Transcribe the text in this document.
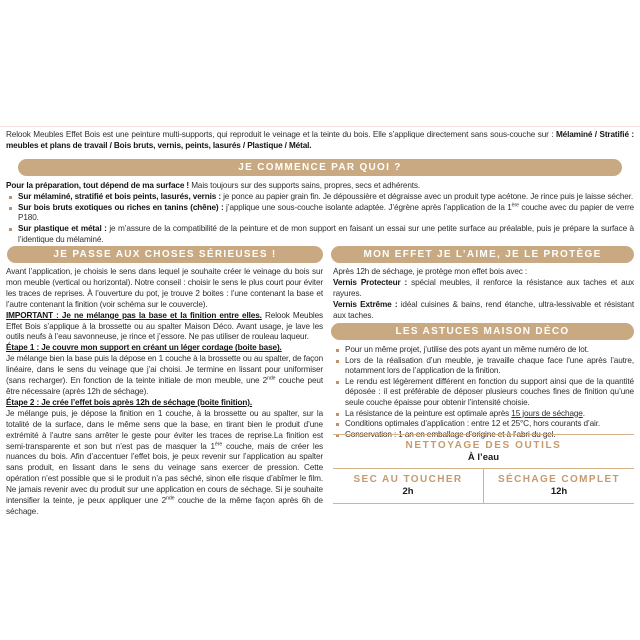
Relook Meubles Effet Bois est une peinture multi-supports, qui reproduit le veinage et la teinte du bois. Elle s’applique directement sans sous-couche sur : Mélaminé / Stratifié : meubles et plans de travail / Bois bruts, vernis, peints, lasurés / Plastique / Métal.

JE COMMENCE PAR QUOI ?

Pour la préparation, tout dépend de ma surface ! Mais toujours sur des supports sains, propres, secs et adhérents.

Sur mélaminé, stratifié et bois peints, lasurés, vernis : je ponce au papier grain fin. Je dépoussière et dégraisse avec un produit type acétone. Je rince puis je laisse sécher.
Sur bois bruts exotiques ou riches en tanins (chêne) : j’applique une sous-couche isolante adaptée. J’égrène après l’application de la 1ère couche avec du papier de verre P180.
Sur plastique et métal : je m’assure de la compatibilité de la peinture et de mon support en faisant un essai sur une petite surface au préalable, puis je prépare la surface à l’identique du mélaminé.
JE PASSE AUX CHOSES SÉRIEUSES !

Avant l’application, je choisis le sens dans lequel je souhaite créer le veinage du bois sur mon meuble (vertical ou horizontal). Notre conseil : choisir le sens le plus court pour éviter les traces de reprises. À l’ouverture du pot, je trouve 2 boites : l’une contenant la base et l’autre contenant la finition (voir schéma sur le couvercle).

IMPORTANT : Je ne mélange pas la base et la finition entre elles. Relook Meubles Effet Bois s’applique à la brossette ou au spalter Maison Déco. Avant usage, je lave les outils neufs à l’eau savonneuse, je rince et j’essore. Ne pas utiliser de rouleau laqueur.

Étape 1 : Je couvre mon support en créant un léger cordage (boite base).

Je mélange bien la base puis la dépose en 1 couche à la brossette ou au spalter, de façon linéaire, dans le sens du veinage que j’ai choisi. Je termine en lissant pour uniformiser (sans recharger). En fonction de la teinte initiale de mon meuble, une 2nde couche peut être nécessaire (après 12h de séchage).

Étape 2 : Je crée l’effet bois après 12h de séchage (boite finition).

Je mélange puis, je dépose la finition en 1 couche, à la brossette ou au spalter, sur la totalité de la surface, dans le même sens que la base, en tirant bien le produit d’une extrémité à l’autre sans arrêter le geste pour éviter les traces de reprise.La finition est semi-transparente et son but n’est pas de masquer la 1ère couche, mais de créer les nuances du bois. Afin d’accentuer l’effet bois, je peux revenir sur l’application au spalter sans produit, en lissant dans le sens du veinage sans exercer de pression. Cette opération n’est possible que si le produit n’a pas séché, sinon elle risque d’abîmer le film. Ne jamais revenir avec du produit sur une application en cours de séchage. Si je souhaite intensifier la teinte, je peux appliquer une 2nde couche de la même façon après 6h de séchage.

MON EFFET JE L’AIME, JE LE PROTÈGE

Après 12h de séchage, je protège mon effet bois avec :

Vernis Protecteur : spécial meubles, il renforce la résistance aux taches et aux rayures.

Vernis Extrême : idéal cuisines & bains, rend étanche, ultra-lessivable et résistant aux taches.

LES ASTUCES MAISON DÉCO
Pour un même projet, j’utilise des pots ayant un même numéro de lot.
Lors de la réalisation d’un meuble, je travaille chaque face l’une après l’autre, notamment lors de l’application de la finition.
Le rendu est légèrement différent en fonction du support ainsi que de la quantité déposée : il est préférable de déposer plusieurs couches fines de finition qu’une seule couche épaisse pour obtenir l’intensité choisie.
La résistance de la peinture est optimale après 15 jours de séchage.
Conditions optimales d’application : entre 12 et 25°C, hors courants d’air.
Conservation : 1 an en emballage d’origine et à l’abri du gel.
NETTOYAGE DES OUTILS
À l’eau
SEC AU TOUCHER
2h
SÉCHAGE COMPLET
12h
